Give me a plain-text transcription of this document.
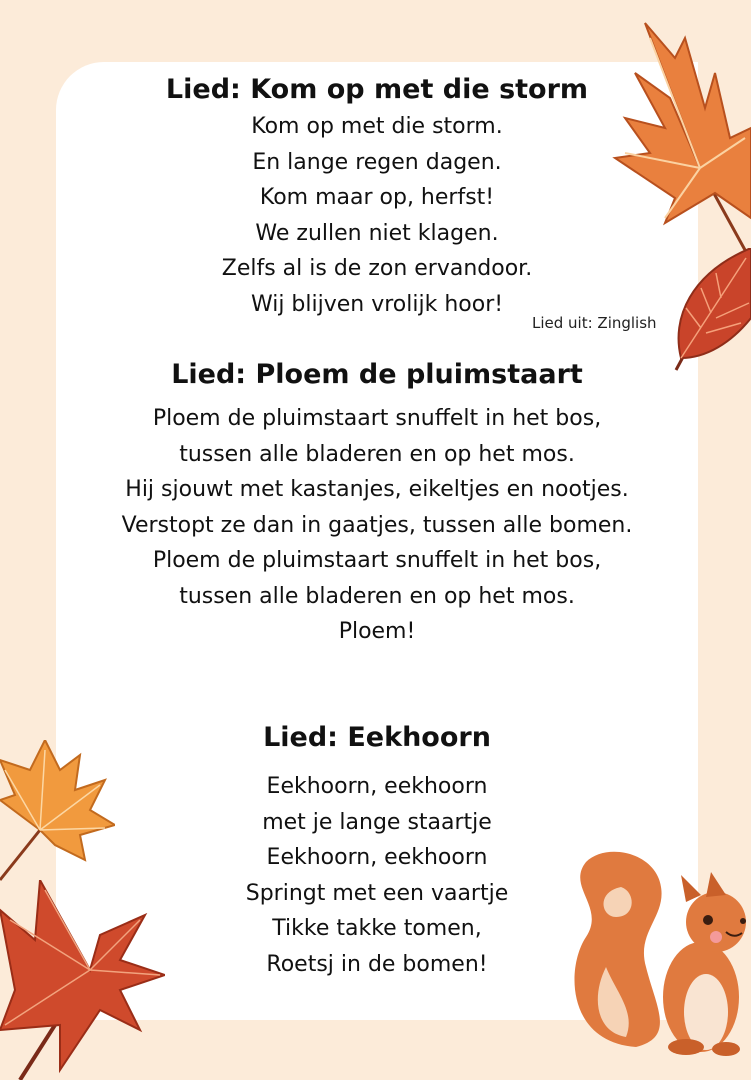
Lied: Kom op met die storm
Kom op met die storm.
En lange regen dagen.
Kom maar op, herfst!
We zullen niet klagen.
Zelfs al is de zon ervandoor.
Wij blijven vrolijk hoor!
Lied uit: Zinglish
Lied: Ploem de pluimstaart
Ploem de pluimstaart snuffelt in het bos,
tussen alle bladeren en op het mos.
Hij sjouwt met kastanjes, eikeltjes en nootjes.
Verstopt ze dan in gaatjes, tussen alle bomen.
Ploem de pluimstaart snuffelt in het bos,
tussen alle bladeren en op het mos.
Ploem!
Lied: Eekhoorn
Eekhoorn, eekhoorn
met je lange staartje
Eekhoorn, eekhoorn
Springt met een vaartje
Tikke takke tomen,
Roetsj in de bomen!
